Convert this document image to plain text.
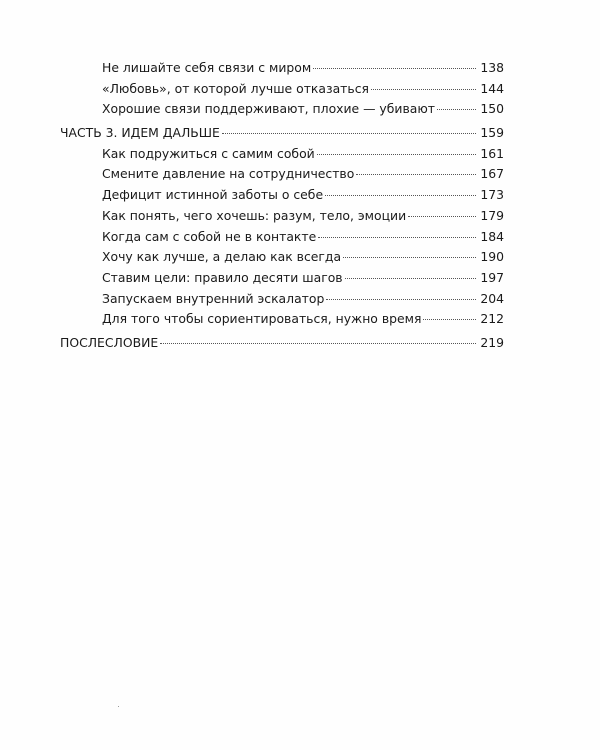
Не лишайте себя связи с миром	138
«Любовь», от которой лучше отказаться	144
Хорошие связи поддерживают, плохие — убивают	150
ЧАСТЬ 3. ИДЕМ ДАЛЬШЕ	159
Как подружиться с самим собой	161
Смените давление на сотрудничество	167
Дефицит истинной заботы о себе	173
Как понять, чего хочешь: разум, тело, эмоции	179
Когда сам с собой не в контакте	184
Хочу как лучше, а делаю как всегда	190
Ставим цели: правило десяти шагов	197
Запускаем внутренний эскалатор	204
Для того чтобы сориентироваться, нужно время	212
ПОСЛЕСЛОВИЕ	219
